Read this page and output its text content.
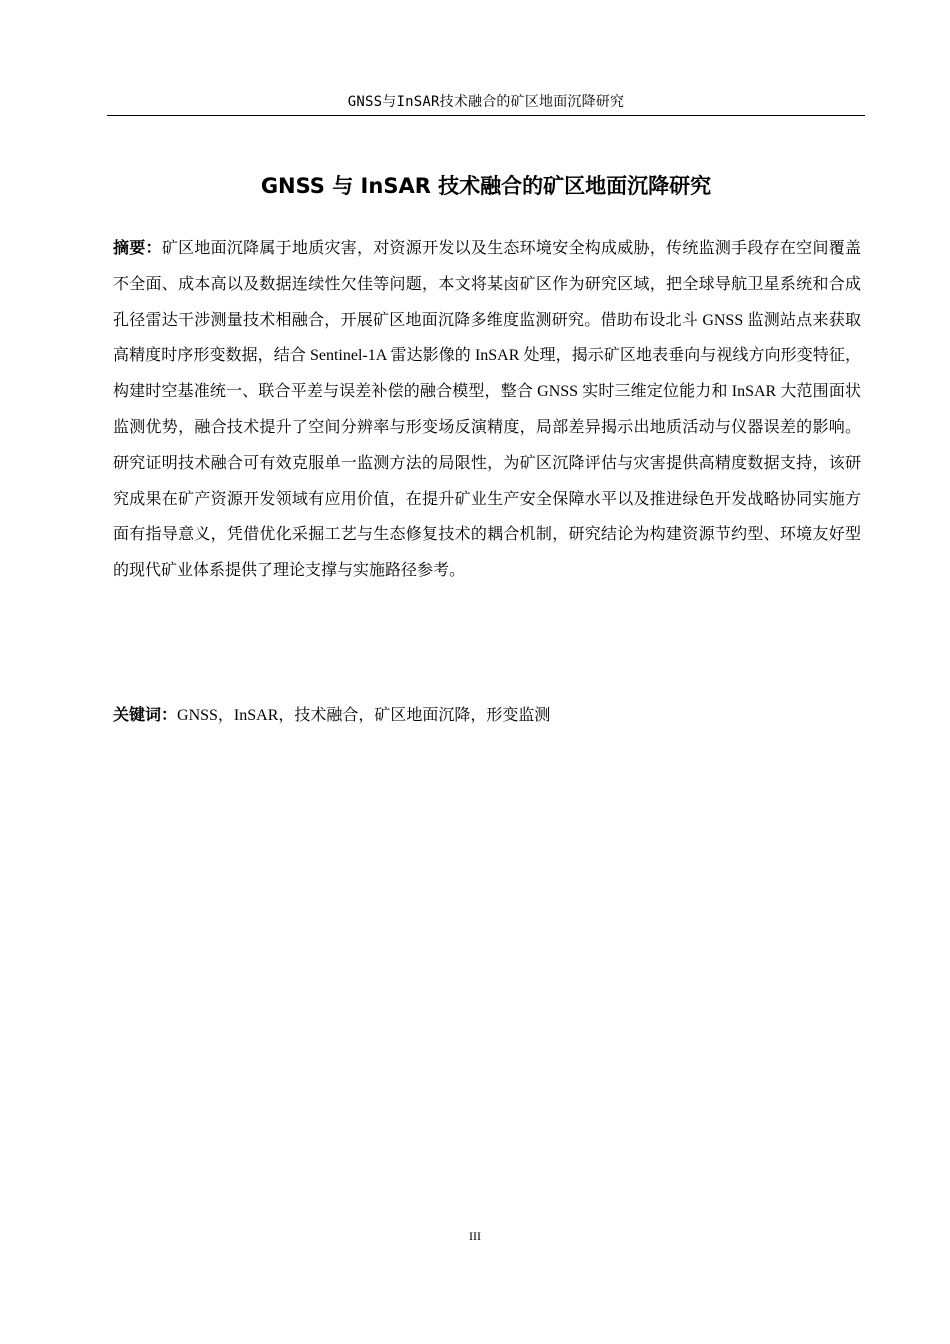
GNSS与InSAR技术融合的矿区地面沉降研究
GNSS 与 InSAR 技术融合的矿区地面沉降研究

摘要：矿区地面沉降属于地质灾害，对资源开发以及生态环境安全构成威胁，传统监测手段存在空间覆盖不全面、成本高以及数据连续性欠佳等问题，本文将某卤矿区作为研究区域，把全球导航卫星系统和合成孔径雷达干涉测量技术相融合，开展矿区地面沉降多维度监测研究。借助布设北斗 GNSS 监测站点来获取高精度时序形变数据，结合 Sentinel-1A 雷达影像的 InSAR 处理，揭示矿区地表垂向与视线方向形变特征，构建时空基准统一、联合平差与误差补偿的融合模型，整合 GNSS 实时三维定位能力和 InSAR 大范围面状监测优势，融合技术提升了空间分辨率与形变场反演精度，局部差异揭示出地质活动与仪器误差的影响。研究证明技术融合可有效克服单一监测方法的局限性，为矿区沉降评估与灾害提供高精度数据支持，该研究成果在矿产资源开发领域有应用价值，在提升矿业生产安全保障水平以及推进绿色开发战略协同实施方面有指导意义，凭借优化采掘工艺与生态修复技术的耦合机制，研究结论为构建资源节约型、环境友好型的现代矿业体系提供了理论支撑与实施路径参考。

关键词：GNSS，InSAR，技术融合，矿区地面沉降，形变监测

III
